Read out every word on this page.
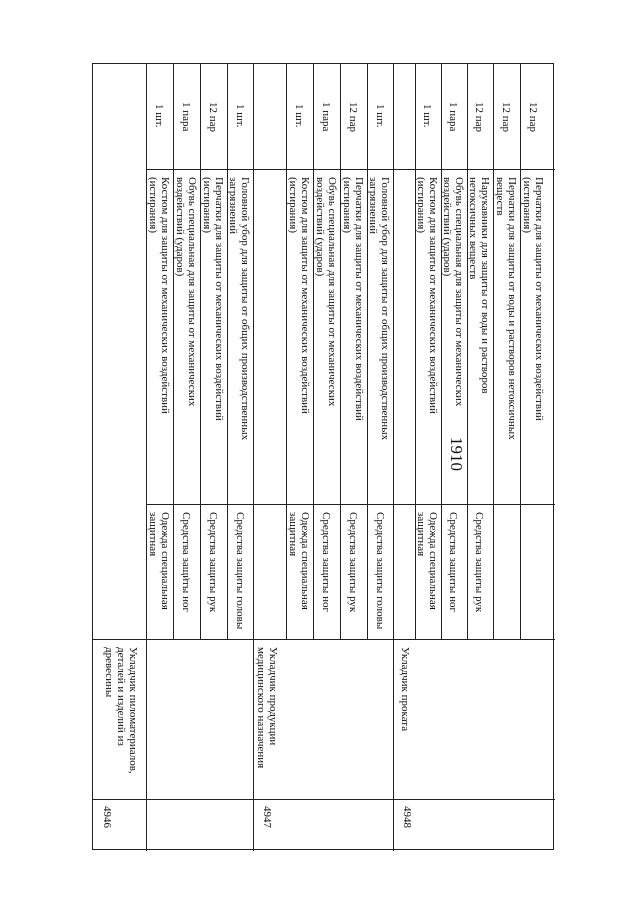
1910
4946
Укладчик пиломатериалов,
деталей и изделий из
древесины
Одежда специальная
защитная
Костюм для защиты от механических воздействий
(истирания)
1 шт.
Средства защиты ног
Обувь специальная для защиты от механических
воздействий (ударов)
1 пара
Средства защиты рук
Перчатки для защиты от механических воздействий
(истирания)
12 пар
Средства защиты головы
Головной убор для защиты от общих производственных
загрязнений
1 шт.
4947
Укладчик продукции
медицинского назначения
Одежда специальная
защитная
Костюм для защиты от механических воздействий
(истирания)
1 шт.
Средства защиты ног
Обувь специальная для защиты от механических
воздействий (ударов)
1 пара
Средства защиты рук
Перчатки для защиты от механических воздействий
(истирания)
12 пар
Средства защиты головы
Головной убор для защиты от общих производственных
загрязнений
1 шт.
4948
Укладчик проката
Одежда специальная
защитная
Костюм для защиты от механических воздействий
(истирания)
1 шт.
Средства защиты ног
Обувь специальная для защиты от механических
воздействий (ударов)
1 пара
Средства защиты рук
Нарукавники для защиты от воды и растворов
нетоксичных веществ
12 пар
Перчатки для защиты от воды и растворов нетоксичных
веществ
12 пар
Перчатки для защиты от механических воздействий
(истирания)
12 пар
